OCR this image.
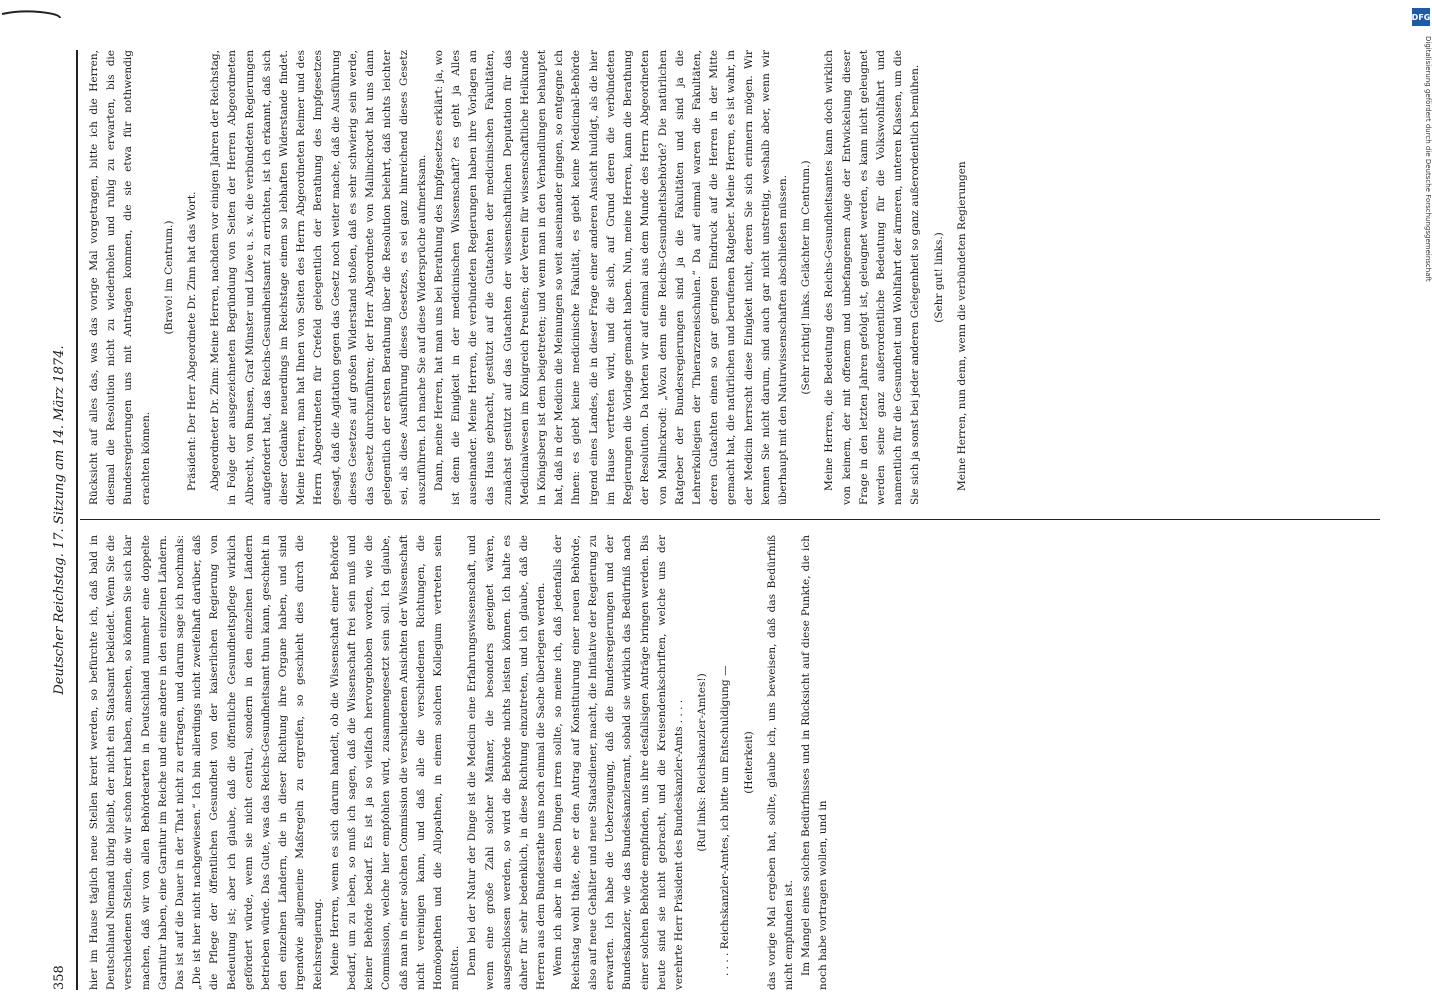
DFG
Digitalisierung gefördert durch die Deutsche Forschungsgemeinschaft
358
Deutscher Reichstag. 17. Sitzung am 14. März 1874.

hier im Hause täglich neue Stellen kreirt werden, so befürchte ich, daß bald in Deutschland Niemand übrig bleibt, der nicht ein Staatsamt bekleidet. Wenn Sie die verschiedenen Stellen, die wir schon kreirt haben, ansehen, so können Sie sich klar machen, daß wir von allen Behördearten in Deutschland nunmehr eine doppelte Garnitur haben, eine Garnitur im Reiche und eine andere in den einzelnen Ländern. Das ist auf die Dauer in der That nicht zu ertragen, und darum sage ich nochmals: „Die ist hier nicht nachgewiesen.“ Ich bin allerdings nicht zweifelhaft darüber, daß die Pflege der öffentlichen Gesundheit von der kaiserlichen Regierung von Bedeutung ist; aber ich glaube, daß die öffentliche Gesundheitspflege wirklich gefördert würde, wenn sie nicht central, sondern in den einzelnen Ländern betrieben würde. Das Gute, was das Reichs-Gesundheitsamt thun kann, geschieht in den einzelnen Ländern, die in dieser Richtung ihre Organe haben, und sind irgendwie allgemeine Maßregeln zu ergreifen, so geschieht dies durch die Reichsregierung. Meine Herren, wenn es sich darum handelt, ob die Wissenschaft einer Behörde bedarf, um zu leben, so muß ich sagen, daß die Wissenschaft frei sein muß und keiner Behörde bedarf. Es ist ja so vielfach hervorgehoben worden, wie die Commission, welche hier empfohlen wird, zusammengesetzt sein soll. Ich glaube, daß man in einer solchen Commission die verschiedenen Ansichten der Wissenschaft nicht vereinigen kann, und daß alle die verschiedenen Richtungen, die Homöopathen und die Allopathen, in einem solchen Kollegium vertreten sein müßten. Denn bei der Natur der Dinge ist die Medicin eine Erfahrungswissenschaft, und wenn eine große Zahl solcher Männer, die besonders geeignet wären, ausgeschlossen werden, so wird die Behörde nichts leisten können. Ich halte es daher für sehr bedenklich, in diese Richtung einzutreten, und ich glaube, daß die Herren aus dem Bundesrathe uns noch einmal die Sache überlegen werden. Wenn ich aber in diesen Dingen irren sollte, so meine ich, daß jedenfalls der Reichstag wohl thäte, ehe er den Antrag auf Konstituirung einer neuen Behörde, also auf neue Gehälter und neue Staatsdiener, macht, die Initiative der Regierung zu erwarten. Ich habe die Ueberzeugung, daß die Bundesregierungen und der Bundeskanzler, wie das Bundeskanzleramt, sobald sie wirklich das Bedürfniß nach einer solchen Behörde empfinden, uns ihre desfallsigen Anträge bringen werden. Bis heute sind sie nicht gebracht, und die Kreisendenkschriften, welche uns der verehrte Herr Präsident des Bundeskanzler-Amts . . . .	(Ruf links: Reichskanzler-Amtes!)	. . . . Reichskanzler-Amtes, ich bitte um Entschuldigung —	(Heiterkeit)	das vorige Mal ergeben hat, sollte, glaube ich, uns beweisen, daß das Bedürfniß nicht empfunden ist. Im Mangel eines solchen Bedürfnisses und in Rücksicht auf diese Punkte, die ich noch habe vortragen wollen, und in

Rücksicht auf alles das, was das vorige Mal vorgetragen, bitte ich die Herren, diesmal die Resolution nicht zu wiederholen und ruhig zu erwarten, bis die Bundesregierungen uns mit Anträgen kommen, die sie etwa für nothwendig erachten können.

(Bravo! im Centrum.)	Präsident: Der Herr Abgeordnete Dr. Zinn hat das Wort.	Abgeordneter Dr. Zinn: Meine Herren, nachdem vor einigen Jahren der Reichstag, in Folge der ausgezeichneten Begründung von Seiten der Herren Abgeordneten Albrecht, von Bunsen, Graf Münster und Löwe u. s. w. die verbündeten Regierungen aufgefordert hat, das Reichs-Gesundheitsamt zu errichten, ist ich erkannt, daß sich dieser Gedanke neuerdings im Reichstage einem so lebhaften Widerstande findet. Meine Herren, man hat Ihnen von Seiten des Herrn Abgeordneten Reimer und des Herrn Abgeordneten für Crefeld gelegentlich der Berathung des Impfgesetzes gesagt, daß die Agitation gegen das Gesetz noch weiter mache, daß die Ausführung dieses Gesetzes auf großen Widerstand stoßen, daß es sehr schwierig sein werde, das Gesetz durchzuführen; der Herr Abgeordnete von Mallinckrodt hat uns dann gelegentlich der ersten Berathung über die Resolution belehrt, daß nichts leichter sei, als diese Ausführung dieses Gesetzes, es sei ganz hinreichend dieses Gesetz auszuführen. Ich mache Sie auf diese Widersprüche aufmerksam. Dann, meine Herren, hat man uns bei Berathung des Impfgesetzes erklärt: ja, wo ist denn die Einigkeit in der medicinischen Wissenschaft? es geht ja Alles auseinander. Meine Herren, die verbündeten Regierungen haben ihre Vorlagen an das Haus gebracht, gestützt auf die Gutachten der medicinischen Fakultäten, zunächst gestützt auf das Gutachten der wissenschaftlichen Deputation für das Medicinalwesen im Königreich Preußen; der Verein für wissenschaftliche Heilkunde in Königsberg ist dem beigetreten; und wenn man in den Verhandlungen behauptet hat, daß in der Medicin die Meinungen so weit auseinander gingen, so entgegne ich Ihnen: es giebt keine medicinische Fakultät, es giebt keine Medicinal-Behörde irgend eines Landes, die in dieser Frage einer anderen Ansicht huldigt, als die hier im Hause vertreten wird, und die sich, auf Grund deren die verbündeten Regierungen die Vorlage gemacht haben. Nun, meine Herren, kann die Berathung der Resolution. Da hörten wir auf einmal aus dem Munde des Herrn Abgeordneten von Mallinckrodt: „Wozu denn eine Reichs-Gesundheitsbehörde? Die natürlichen Ratgeber der Bundesregierungen sind ja die Fakultäten und sind ja die Lehrerkollegien der Thierarzeneischulen.“ Da auf einmal waren die Fakultäten, deren Gutachten einen so gar geringen Eindruck auf die Herren in der Mitte gemacht hat, die natürlichen und berufenen Ratgeber. Meine Herren, es ist wahr, in der Medicin herrscht diese Einigkeit nicht, deren Sie sich erinnern mögen. Wir kennen Sie nicht darum, sind auch gar nicht unstreitig, weshalb aber, wenn wir überhaupt mit den Naturwissenschaften abschließen müssen.	(Sehr richtig! links. Gelächter im Centrum.)	Meine Herren, die Bedeutung des Reichs-Gesundheitsamtes kann doch wirklich von keinem, der mit offenem und unbefangenem Auge der Entwickelung dieser Frage in den letzten Jahren gefolgt ist, geleugnet werden, es kann nicht geleugnet werden seine ganz außerordentliche Bedeutung für die Volkswohlfahrt und namentlich für die Gesundheit und Wohlfahrt der ärmeren, unteren Klassen, um die Sie sich ja sonst bei jeder anderen Gelegenheit so ganz außerordentlich bemühen.	(Sehr gut! links.)	Meine Herren, nun denn, wenn die verbündeten Regierungen
